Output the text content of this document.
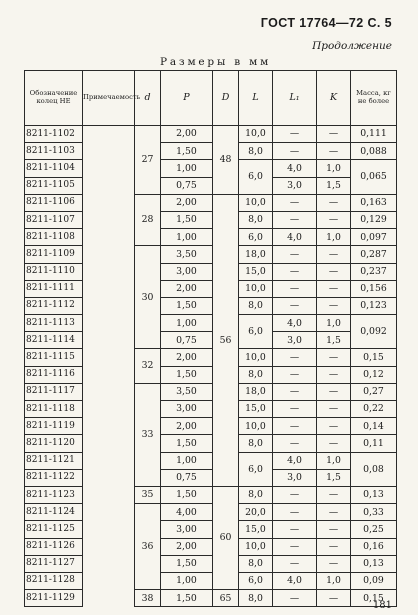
ГОСТ 17764—72 С. 5
Продолжение
Размеры в мм
Обозначение колец НЕ	Примечаемость	d	P	D	L	L₁	K	Масса, кг не более
8211-1102		27	2,00	48	10,0	—	—	0,111
8211-1103			1,50		8,0	—	—	0,088
8211-1104			1,00		6,0	4,0	1,0	0,065
8211-1105			0,75			3,0	1,5	
8211-1106		28	2,00	56	10,0	—	—	0,163
8211-1107			1,50		8,0	—	—	0,129
8211-1108			1,00		6,0	4,0	1,0	0,097
8211-1109		30	3,50		18,0	—	—	0,287
8211-1110			3,00		15,0	—	—	0,237
8211-1111			2,00		10,0	—	—	0,156
8211-1112			1,50		8,0	—	—	0,123
8211-1113			1,00		6,0	4,0	1,0	0,092
8211-1114			0,75			3,0	1,5	
8211-1115		32	2,00		10,0	—	—	0,15
8211-1116			1,50		8,0	—	—	0,12
8211-1117		33	3,50		18,0	—	—	0,27
8211-1118			3,00		15,0	—	—	0,22
8211-1119			2,00		10,0	—	—	0,14
8211-1120			1,50		8,0	—	—	0,11
8211-1121			1,00		6,0	4,0	1,0	0,08
8211-1122			0,75			3,0	1,5	
8211-1123		35	1,50	60	8,0	—	—	0,13
8211-1124		36	4,00		20,0	—	—	0,33
8211-1125			3,00		15,0	—	—	0,25
8211-1126			2,00		10,0	—	—	0,16
8211-1127			1,50		8,0	—	—	0,13
8211-1128			1,00		6,0	4,0	1,0	0,09
8211-1129		38	1,50	65	8,0	—	—	0,15
181
